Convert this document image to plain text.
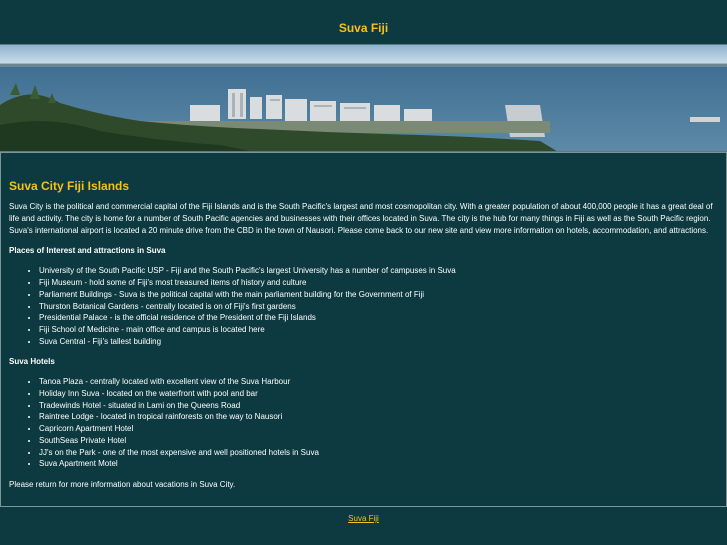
Suva Fiji
Suva City Fiji Islands

Suva City is the political and commercial capital of the Fiji Islands and is the South Pacific's largest and most cosmopolitan city. With a greater population of about 400,000 people it has a great deal of life and activity. The city is home for a number of South Pacific agencies and businesses with their offices located in Suva. The city is the hub for many things in Fiji as well as the South Pacific region. Suva's international airport is located a 20 minute drive from the CBD in the town of Nausori. Please come back to our new site and view more information on hotels, accommodation, and attractions.

Places of Interest and attractions in Suva
• University of the South Pacific USP - Fiji and the South Pacific's largest University has a number of campuses in Suva
• Fiji Museum - hold some of Fiji's most treasured items of history and culture
• Parliament Buildings - Suva is the political capital with the main parliament building for the Government of Fiji
• Thurston Botanical Gardens - centrally located is on of Fiji's first gardens
• Presidential Palace - is the official residence of the President of the Fiji Islands
• Fiji School of Medicine - main office and campus is located here
• Suva Central - Fiji's tallest building
Suva Hotels
• Tanoa Plaza - centrally located with excellent view of the Suva Harbour
• Holiday Inn Suva - located on the waterfront with pool and bar
• Tradewinds Hotel - situated in Lami on the Queens Road
• Raintree Lodge - located in tropical rainforests on the way to Nausori
• Capricorn Apartment Hotel
• SouthSeas Private Hotel
• JJ's on the Park - one of the most expensive and well positioned hotels in Suva
• Suva Apartment Motel

Please return for more information about vacations in Suva City.

Suva Fiji
